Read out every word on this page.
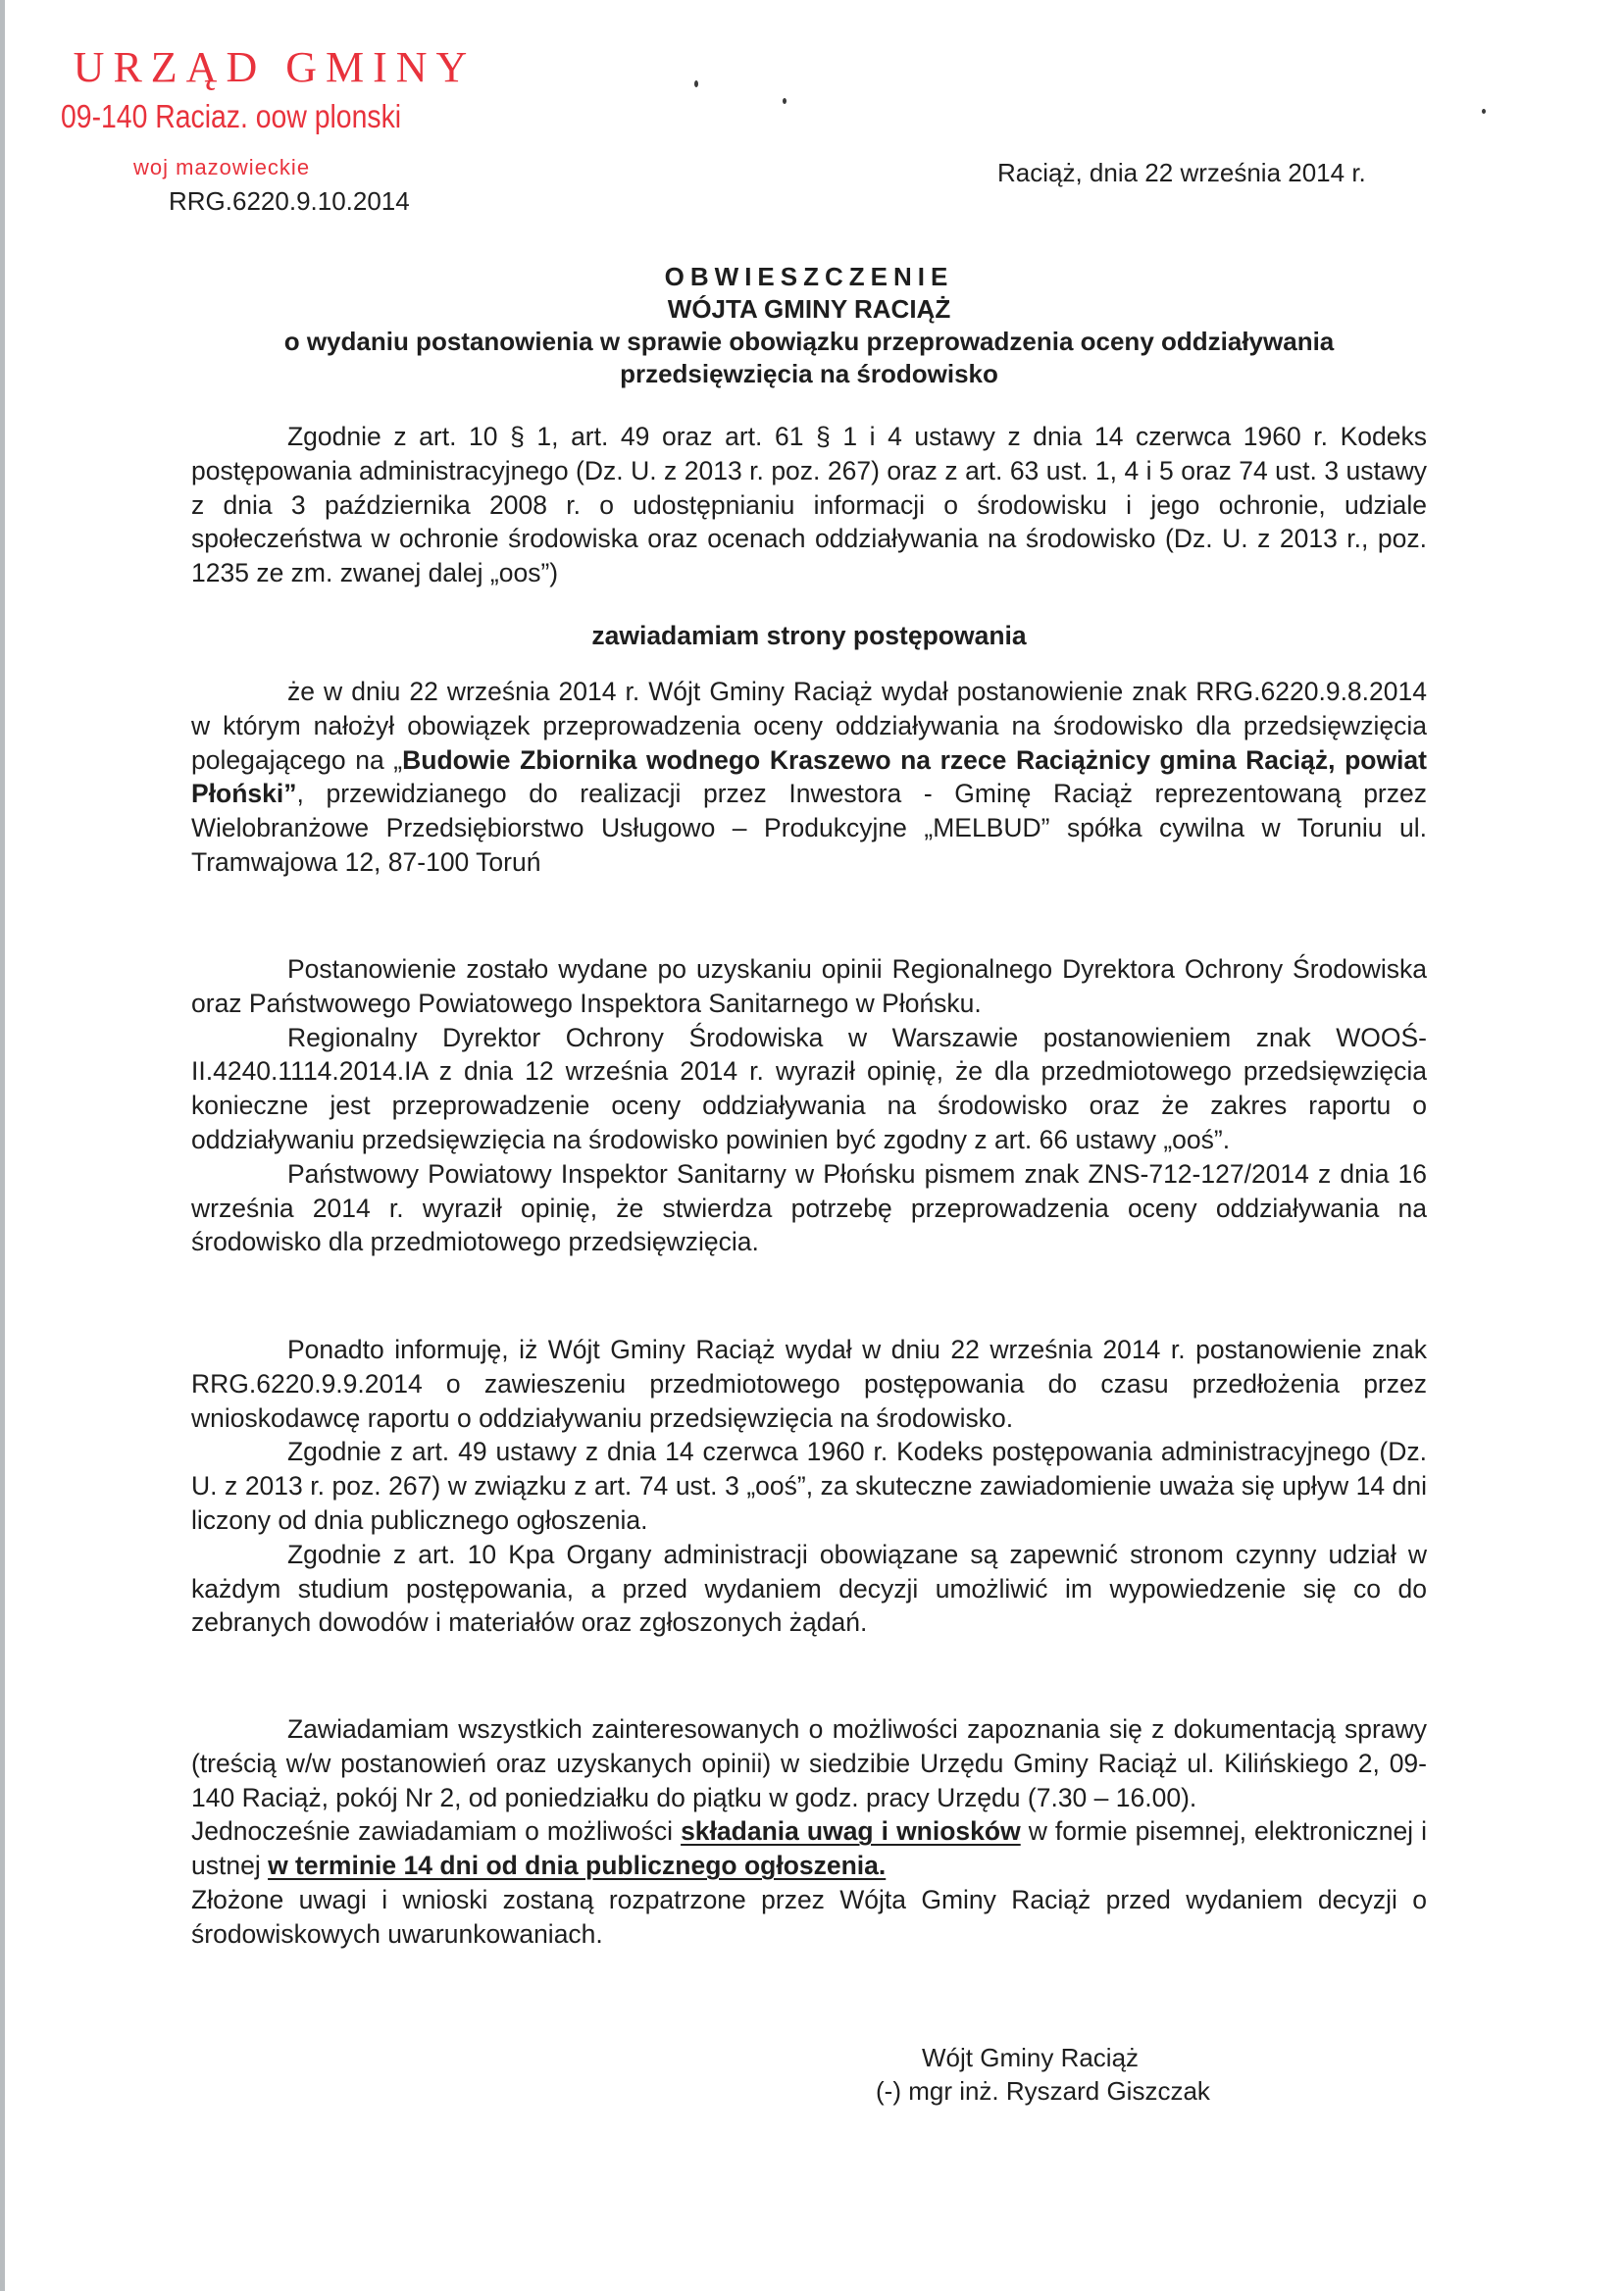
URZĄD GMINY
09-140 Raciaz. oow plonski
woj mazowieckie
RRG.6220.9.10.2014
Raciąż, dnia 22 września 2014 r.
OBWIESZCZENIE
WÓJTA GMINY RACIĄŻ
o wydaniu postanowienia w sprawie obowiązku przeprowadzenia oceny oddziaływania
przedsięwzięcia na środowisko

Zgodnie z art. 10 § 1, art. 49 oraz art. 61 § 1 i 4 ustawy z dnia 14 czerwca 1960 r. Kodeks postępowania administracyjnego (Dz. U. z 2013 r. poz. 267) oraz z art. 63 ust. 1, 4 i 5 oraz 74 ust. 3 ustawy z dnia 3 października 2008 r. o udostępnianiu informacji o środowisku i jego ochronie, udziale społeczeństwa w ochronie środowiska oraz ocenach oddziaływania na środowisko (Dz. U. z 2013 r., poz. 1235 ze zm. zwanej dalej „oos”)

zawiadamiam strony postępowania

że w dniu 22 września 2014 r. Wójt Gminy Raciąż wydał postanowienie znak RRG.6220.9.8.2014 w którym nałożył obowiązek przeprowadzenia oceny oddziaływania na środowisko dla przedsięwzięcia polegającego na „Budowie Zbiornika wodnego Kraszewo na rzece Raciążnicy gmina Raciąż, powiat Płoński”, przewidzianego do realizacji przez Inwestora - Gminę Raciąż reprezentowaną przez Wielobranżowe Przedsiębiorstwo Usługowo – Produkcyjne „MELBUD” spółka cywilna w Toruniu ul. Tramwajowa 12, 87-100 Toruń

Postanowienie zostało wydane po uzyskaniu opinii Regionalnego Dyrektora Ochrony Środowiska oraz Państwowego Powiatowego Inspektora Sanitarnego w Płońsku.

Regionalny Dyrektor Ochrony Środowiska w Warszawie postanowieniem znak WOOŚ-II.4240.1114.2014.IA z dnia 12 września 2014 r. wyraził opinię, że dla przedmiotowego przedsięwzięcia konieczne jest przeprowadzenie oceny oddziaływania na środowisko oraz że zakres raportu o oddziaływaniu przedsięwzięcia na środowisko powinien być zgodny z art. 66 ustawy „ooś”.

Państwowy Powiatowy Inspektor Sanitarny w Płońsku pismem znak ZNS-712-127/2014 z dnia 16 września 2014 r. wyraził opinię, że stwierdza potrzebę przeprowadzenia oceny oddziaływania na środowisko dla przedmiotowego przedsięwzięcia.

Ponadto informuję, iż Wójt Gminy Raciąż wydał w dniu 22 września 2014 r. postanowienie znak RRG.6220.9.9.2014 o zawieszeniu przedmiotowego postępowania do czasu przedłożenia przez wnioskodawcę raportu o oddziaływaniu przedsięwzięcia na środowisko.

Zgodnie z art. 49 ustawy z dnia 14 czerwca 1960 r. Kodeks postępowania administracyjnego (Dz. U. z 2013 r. poz. 267) w związku z art. 74 ust. 3 „ooś”, za skuteczne zawiadomienie uważa się upływ 14 dni liczony od dnia publicznego ogłoszenia.

Zgodnie z art. 10 Kpa Organy administracji obowiązane są zapewnić stronom czynny udział w każdym studium postępowania, a przed wydaniem decyzji umożliwić im wypowiedzenie się co do zebranych dowodów i materiałów oraz zgłoszonych żądań.

Zawiadamiam wszystkich zainteresowanych o możliwości zapoznania się z dokumentacją sprawy (treścią w/w postanowień oraz uzyskanych opinii) w siedzibie Urzędu Gminy Raciąż ul. Kilińskiego 2, 09-140 Raciąż, pokój Nr 2, od poniedziałku do piątku w godz. pracy Urzędu (7.30 – 16.00).

Jednocześnie zawiadamiam o możliwości składania uwag i wniosków w formie pisemnej, elektronicznej i ustnej w terminie 14 dni od dnia publicznego ogłoszenia.

Złożone uwagi i wnioski zostaną rozpatrzone przez Wójta Gminy Raciąż przed wydaniem decyzji o środowiskowych uwarunkowaniach.

Wójt Gminy Raciąż
(-) mgr inż. Ryszard Giszczak
